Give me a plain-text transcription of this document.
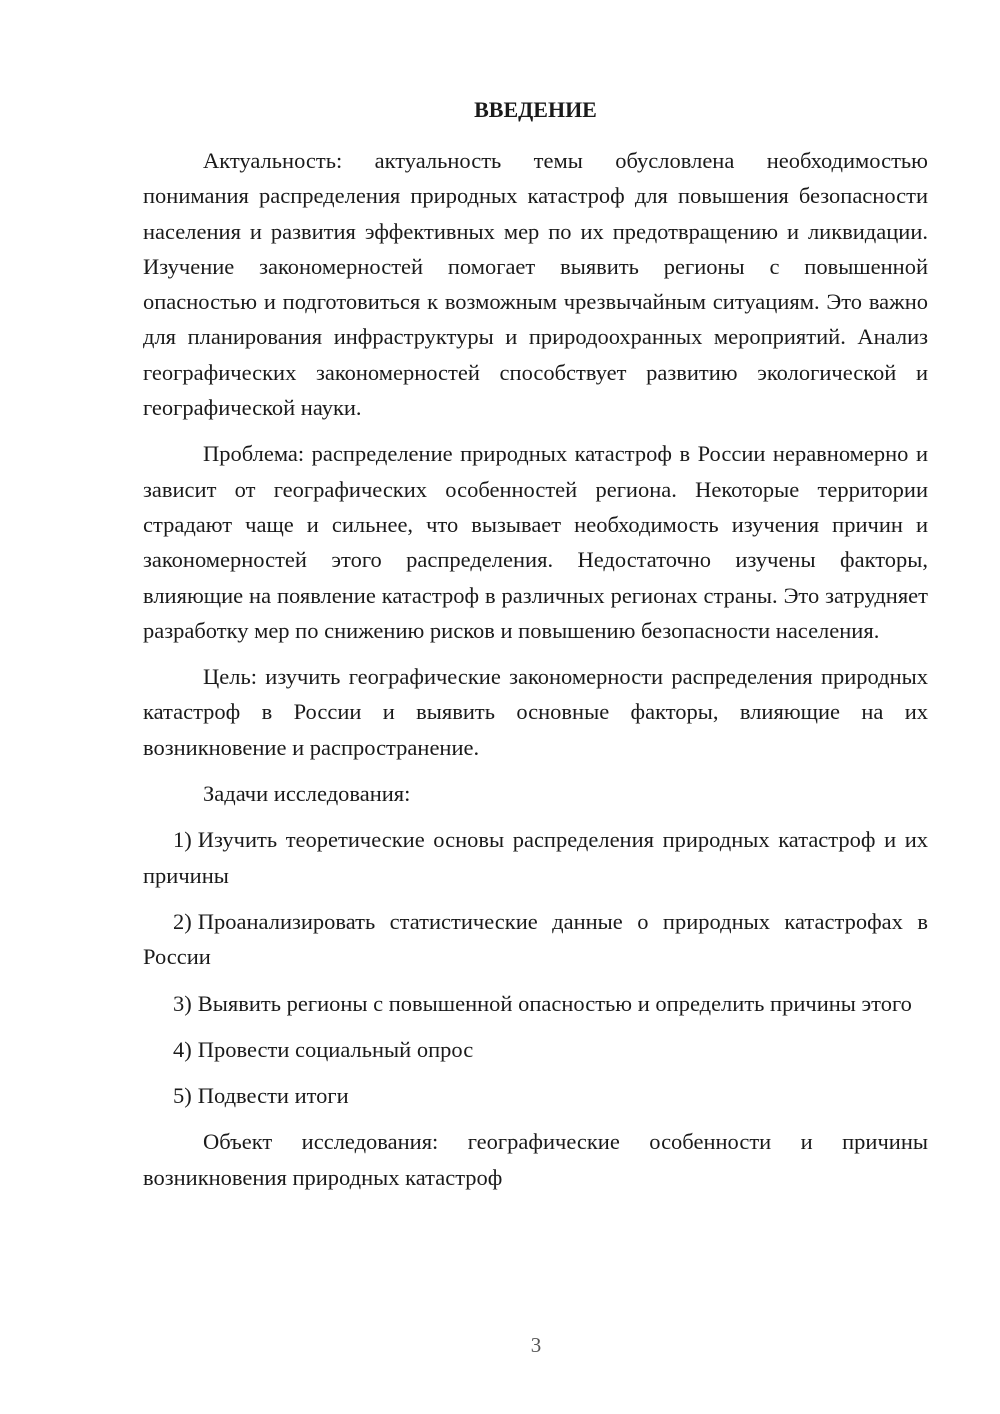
ВВЕДЕНИЕ

Актуальность: актуальность темы обусловлена необходимостью понимания распределения природных катастроф для повышения безопасности населения и развития эффективных мер по их предотвращению и ликвидации. Изучение закономерностей помогает выявить регионы с повышенной опасностью и подготовиться к возможным чрезвычайным ситуациям. Это важно для планирования инфраструктуры и природоохранных мероприятий. Анализ географических закономерностей способствует развитию экологической и географической науки.

Проблема: распределение природных катастроф в России неравномерно и зависит от географических особенностей региона. Некоторые территории страдают чаще и сильнее, что вызывает необходимость изучения причин и закономерностей этого распределения. Недостаточно изучены факторы, влияющие на появление катастроф в различных регионах страны. Это затрудняет разработку мер по снижению рисков и повышению безопасности населения.

Цель: изучить географические закономерности распределения природных катастроф в России и выявить основные факторы, влияющие на их возникновение и распространение.

Задачи исследования:

1) Изучить теоретические основы распределения природных катастроф и их причины

2) Проанализировать статистические данные о природных катастрофах в России

3) Выявить регионы с повышенной опасностью и определить причины этого

4) Провести социальный опрос

5) Подвести итоги

Объект исследования: географические особенности и причины возникновения природных катастроф

3
